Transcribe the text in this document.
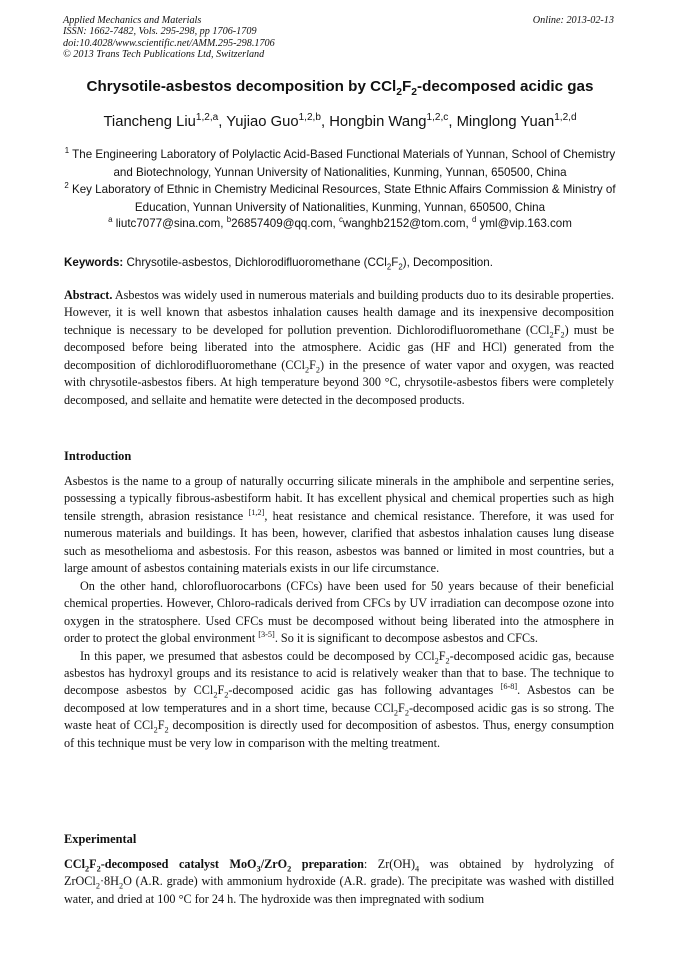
Applied Mechanics and Materials
ISSN: 1662-7482, Vols. 295-298, pp 1706-1709
doi:10.4028/www.scientific.net/AMM.295-298.1706
© 2013 Trans Tech Publications Ltd, Switzerland
Online: 2013-02-13
Chrysotile-asbestos decomposition by $CCl_2F_2$-decomposed acidic gas
Tiancheng Liu$^{1,2,a}$, Yujiao Guo$^{1,2,b}$, Hongbin Wang$^{1,2,c}$, Minglong Yuan$^{1,2,d}$
$^1$ The Engineering Laboratory of Polylactic Acid-Based Functional Materials of Yunnan, School of Chemistry and Biotechnology, Yunnan University of Nationalities, Kunming, Yunnan, 650500, China
$^2$ Key Laboratory of Ethnic in Chemistry Medicinal Resources, State Ethnic Affairs Commission & Ministry of Education, Yunnan University of Nationalities, Kunming, Yunnan, 650500, China
$^a$ liutc7077@sina.com, $^b$26857409@qq.com, $^c$wanghb2152@tom.com, $^d$ yml@vip.163.com
Keywords: Chrysotile-asbestos, Dichlorodifluoromethane $(CCl_2F_2)$, Decomposition.

Abstract. Asbestos was widely used in numerous materials and building products duo to its desirable properties. However, it is well known that asbestos inhalation causes health damage and its inexpensive decomposition technique is necessary to be developed for pollution prevention. Dichlorodifluoromethane $(CCl_2F_2)$ must be decomposed before being liberated into the atmosphere. Acidic gas (HF and HCl) generated from the decomposition of dichlorodifluoromethane $(CCl_2F_2)$ in the presence of water vapor and oxygen, was reacted with chrysotile-asbestos fibers. At high temperature beyond 300 °C, chrysotile-asbestos fibers were completely decomposed, and sellaite and hematite were detected in the decomposed products.

Introduction

Asbestos is the name to a group of naturally occurring silicate minerals in the amphibole and serpentine series, possessing a typically fibrous-asbestiform habit. It has excellent physical and chemical properties such as high tensile strength, abrasion resistance [1,2], heat resistance and chemical resistance. Therefore, it was used for numerous materials and buildings. It has been, however, clarified that asbestos inhalation causes lung disease such as mesothelioma and asbestosis. For this reason, asbestos was banned or limited in most countries, but a large amount of asbestos containing materials exists in our life circumstance.

On the other hand, chlorofluorocarbons (CFCs) have been used for 50 years because of their beneficial chemical properties. However, Chloro-radicals derived from CFCs by UV irradiation can decompose ozone into oxygen in the stratosphere. Used CFCs must be decomposed without being liberated into the atmosphere in order to protect the global environment [3-5]. So it is significant to decompose asbestos and CFCs.

In this paper, we presumed that asbestos could be decomposed by $CCl_2F_2$-decomposed acidic gas, because asbestos has hydroxyl groups and its resistance to acid is relatively weaker than that to base. The technique to decompose asbestos by $CCl_2F_2$-decomposed acidic gas has following advantages [6-8]. Asbestos can be decomposed at low temperatures and in a short time, because $CCl_2F_2$-decomposed acidic gas is so strong. The waste heat of $CCl_2F_2$ decomposition is directly used for decomposition of asbestos. Thus, energy consumption of this technique must be very low in comparison with the melting treatment.

Experimental

$CCl_2F_2$-decomposed catalyst MoO$_3$/ZrO$_2$ preparation: $Zr(OH)_4$ was obtained by hydrolyzing of $ZrOCl_2\cdot 8H_2O$ (A.R. grade) with ammonium hydroxide (A.R. grade). The precipitate was washed with distilled water, and dried at 100 °C for 24 h. The hydroxide was then impregnated with sodium
